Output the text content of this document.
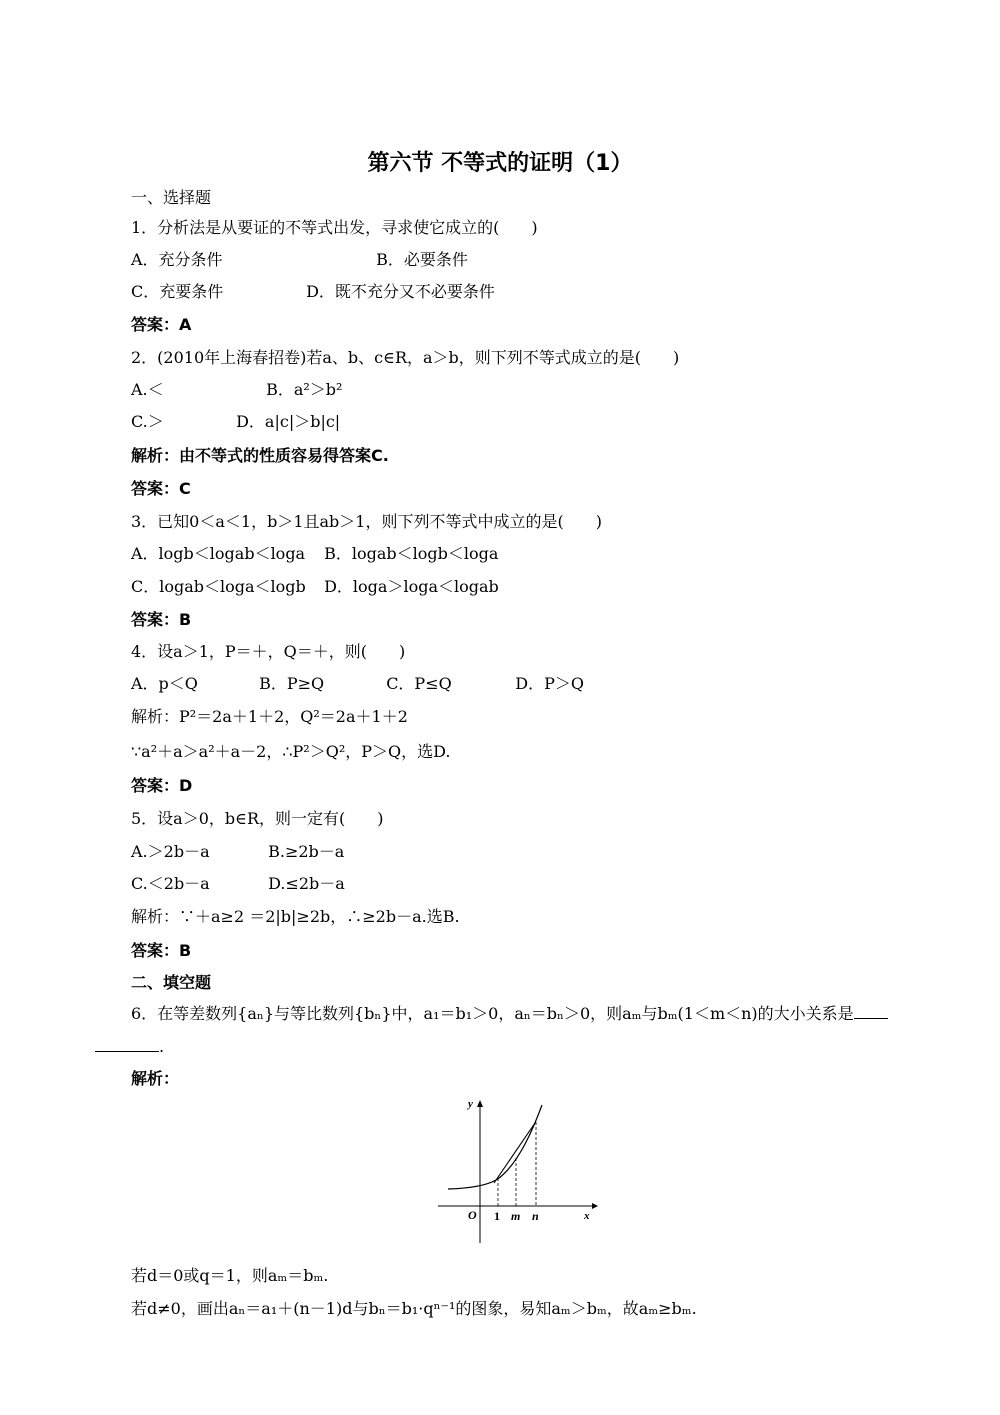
第六节 不等式的证明（1）
一、选择题
1．分析法是从要证的不等式出发，寻求使它成立的(　　)
A．充分条件	B．必要条件
C．充要条件	D．既不充分又不必要条件
答案：A
2．(2010年上海春招卷)若a、b、c∈R，a＞b，则下列不等式成立的是(　　)
A.＜	B．a²＞b²
C.＞	D．a|c|＞b|c|
解析：由不等式的性质容易得答案C.
答案：C
3．已知0＜a＜1，b＞1且ab＞1，则下列不等式中成立的是(　　)
A．logb＜logab＜loga B．logab＜logb＜loga
C．logab＜loga＜logb D．loga＞loga＜logab
答案：B
4．设a＞1，P＝＋，Q＝＋，则(　　)
A．p＜Q	B．P≥Q	C．P≤Q	D．P＞Q
解析：P²＝2a＋1＋2，Q²＝2a＋1＋2
∵a²＋a＞a²＋a－2，∴P²＞Q²，P＞Q，选D.
答案：D
5．设a＞0，b∈R，则一定有(　　)
A.＞2b－a	B.≥2b－a
C.＜2b－a	D.≤2b－a
解析：∵＋a≥2 ＝2|b|≥2b，∴≥2b－a.选B.
答案：B
二、填空题
6．在等差数列{aₙ}与等比数列{bₙ}中，a₁＝b₁＞0，aₙ＝bₙ＞0，则aₘ与bₘ(1＜m＜n)的大小关系是
.
解析：
y
x
O 1 m n
若d＝0或q＝1，则aₘ＝bₘ.
若d≠0，画出aₙ＝a₁＋(n－1)d与bₙ＝b₁·qⁿ⁻¹的图象，易知aₘ＞bₘ，故aₘ≥bₘ.
